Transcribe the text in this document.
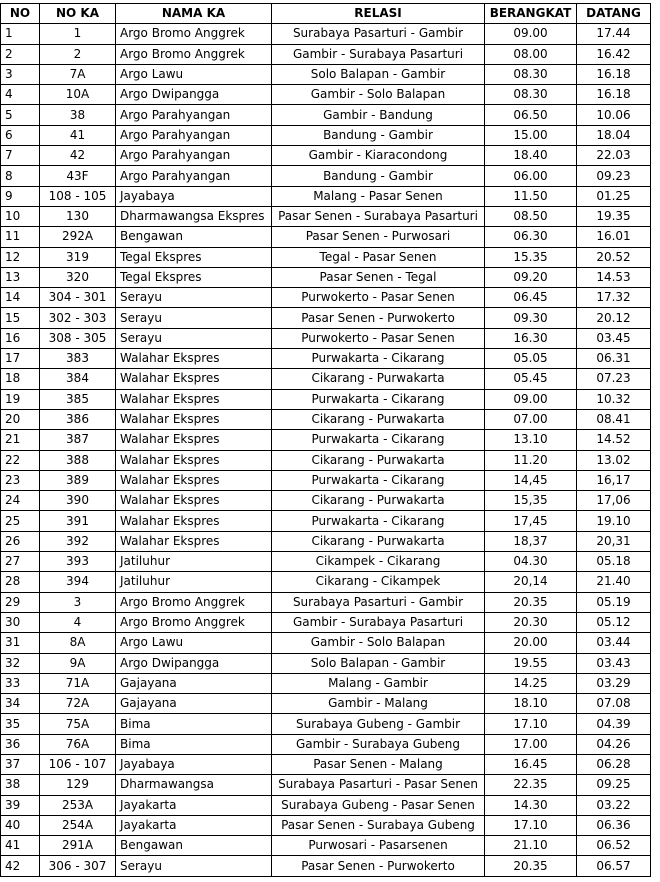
NO	NO KA	NAMA KA	RELASI	BERANGKAT	DATANG
1	1	Argo Bromo Anggrek	Surabaya Pasarturi - Gambir	09.00	17.44
2	2	Argo Bromo Anggrek	Gambir - Surabaya Pasarturi	08.00	16.42
3	7A	Argo Lawu	Solo Balapan - Gambir	08.30	16.18
4	10A	Argo Dwipangga	Gambir - Solo Balapan	08.30	16.18
5	38	Argo Parahyangan	Gambir - Bandung	06.50	10.06
6	41	Argo Parahyangan	Bandung - Gambir	15.00	18.04
7	42	Argo Parahyangan	Gambir - Kiaracondong	18.40	22.03
8	43F	Argo Parahyangan	Bandung - Gambir	06.00	09.23
9	108 - 105	Jayabaya	Malang - Pasar Senen	11.50	01.25
10	130	Dharmawangsa Ekspres	Pasar Senen - Surabaya Pasarturi	08.50	19.35
11	292A	Bengawan	Pasar Senen - Purwosari	06.30	16.01
12	319	Tegal Ekspres	Tegal - Pasar Senen	15.35	20.52
13	320	Tegal Ekspres	Pasar Senen - Tegal	09.20	14.53
14	304 - 301	Serayu	Purwokerto - Pasar Senen	06.45	17.32
15	302 - 303	Serayu	Pasar Senen - Purwokerto	09.30	20.12
16	308 - 305	Serayu	Purwokerto - Pasar Senen	16.30	03.45
17	383	Walahar Ekspres	Purwakarta - Cikarang	05.05	06.31
18	384	Walahar Ekspres	Cikarang - Purwakarta	05.45	07.23
19	385	Walahar Ekspres	Purwakarta - Cikarang	09.00	10.32
20	386	Walahar Ekspres	Cikarang - Purwakarta	07.00	08.41
21	387	Walahar Ekspres	Purwakarta - Cikarang	13.10	14.52
22	388	Walahar Ekspres	Cikarang - Purwakarta	11.20	13.02
23	389	Walahar Ekspres	Purwakarta - Cikarang	14,45	16,17
24	390	Walahar Ekspres	Cikarang - Purwakarta	15,35	17,06
25	391	Walahar Ekspres	Purwakarta - Cikarang	17,45	19.10
26	392	Walahar Ekspres	Cikarang - Purwakarta	18,37	20,31
27	393	Jatiluhur	Cikampek - Cikarang	04.30	05.18
28	394	Jatiluhur	Cikarang - Cikampek	20,14	21.40
29	3	Argo Bromo Anggrek	Surabaya Pasarturi - Gambir	20.35	05.19
30	4	Argo Bromo Anggrek	Gambir - Surabaya Pasarturi	20.30	05.12
31	8A	Argo Lawu	Gambir - Solo Balapan	20.00	03.44
32	9A	Argo Dwipangga	Solo Balapan - Gambir	19.55	03.43
33	71A	Gajayana	Malang - Gambir	14.25	03.29
34	72A	Gajayana	Gambir - Malang	18.10	07.08
35	75A	Bima	Surabaya Gubeng - Gambir	17.10	04.39
36	76A	Bima	Gambir - Surabaya Gubeng	17.00	04.26
37	106 - 107	Jayabaya	Pasar Senen - Malang	16.45	06.28
38	129	Dharmawangsa	Surabaya Pasarturi - Pasar Senen	22.35	09.25
39	253A	Jayakarta	Surabaya Gubeng - Pasar Senen	14.30	03.22
40	254A	Jayakarta	Pasar Senen - Surabaya Gubeng	17.10	06.36
41	291A	Bengawan	Purwosari - Pasarsenen	21.10	06.52
42	306 - 307	Serayu	Pasar Senen - Purwokerto	20.35	06.57
